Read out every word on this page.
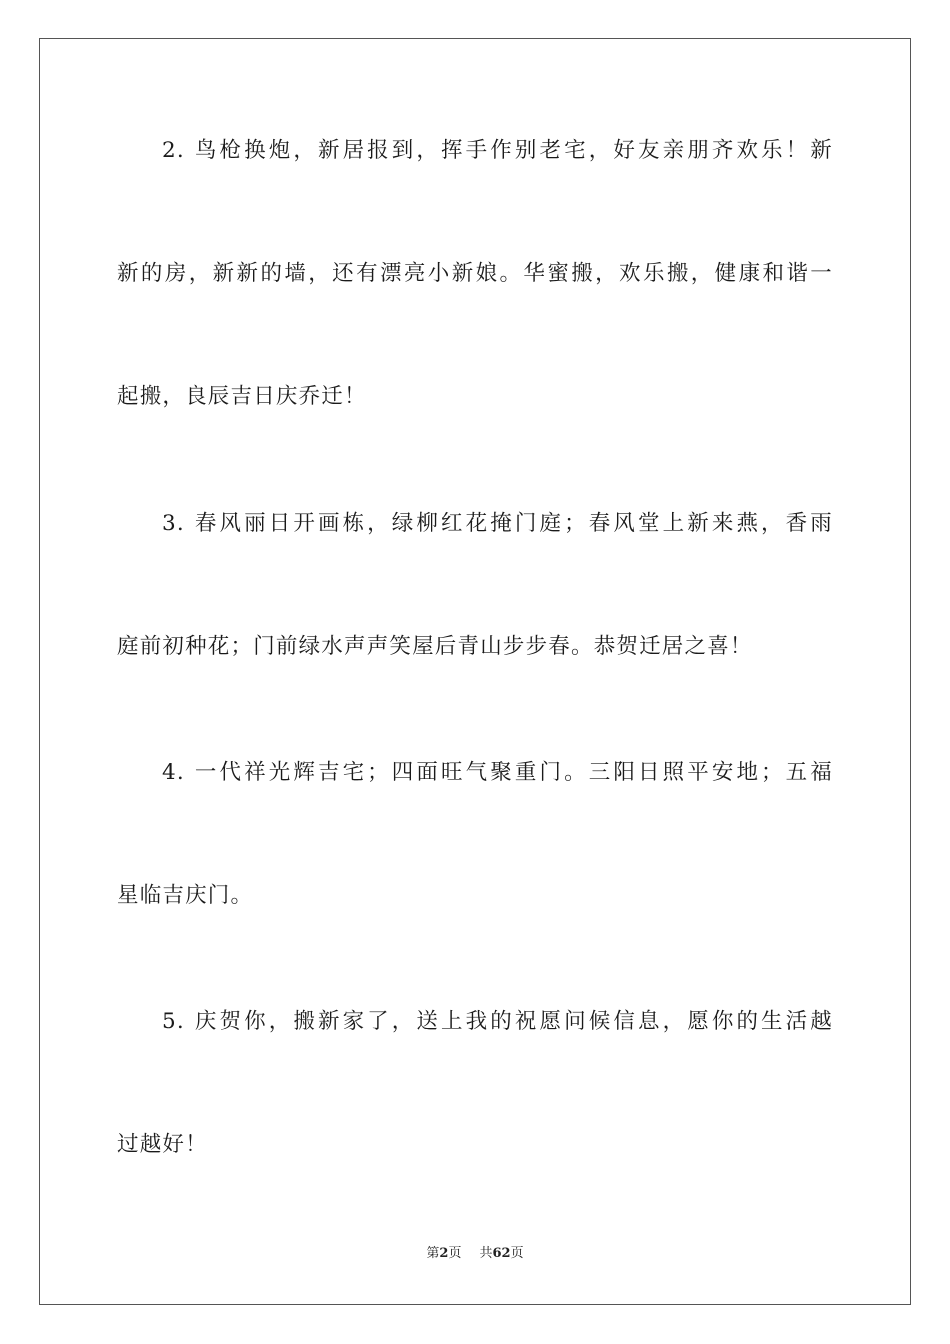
2. 鸟枪换炮，新居报到，挥手作别老宅，好友亲朋齐欢乐！新
新的房，新新的墙，还有漂亮小新娘。华蜜搬，欢乐搬，健康和谐一
起搬，良辰吉日庆乔迁！
3. 春风丽日开画栋，绿柳红花掩门庭；春风堂上新来燕，香雨
庭前初种花；门前绿水声声笑屋后青山步步春。恭贺迁居之喜！
4. 一代祥光辉吉宅；四面旺气聚重门。三阳日照平安地；五福
星临吉庆门。
5. 庆贺你，搬新家了，送上我的祝愿问候信息，愿你的生活越
过越好！
第2页 共62页
